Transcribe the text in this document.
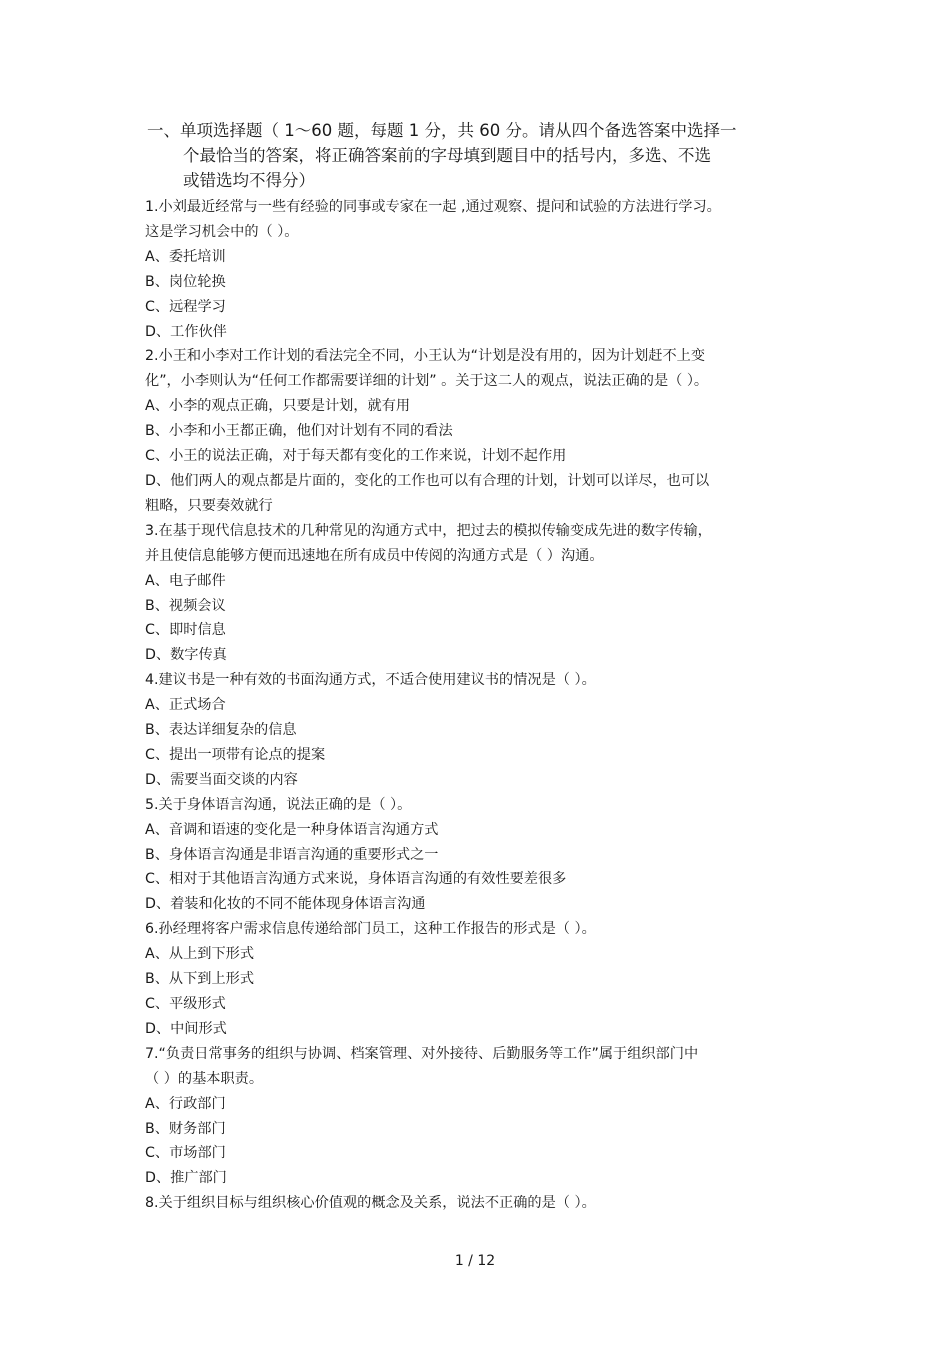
一、单项选择题（ 1～60 题，每题 1 分，共 60 分。请从四个备选答案中选择一
个最恰当的答案，将正确答案前的字母填到题目中的括号内，多选、不选
或错选均不得分）
1.小刘最近经常与一些有经验的同事或专家在一起 ,通过观察、提问和试验的方法进行学习。
这是学习机会中的（ ）。
A、委托培训
B、岗位轮换
C、远程学习
D、工作伙伴
2.小王和小李对工作计划的看法完全不同，小王认为“计划是没有用的，因为计划赶不上变
化”，小李则认为“任何工作都需要详细的计划” 。关于这二人的观点，说法正确的是（ ）。
A、小李的观点正确，只要是计划，就有用
B、小李和小王都正确，他们对计划有不同的看法
C、小王的说法正确，对于每天都有变化的工作来说，计划不起作用
D、他们两人的观点都是片面的，变化的工作也可以有合理的计划，计划可以详尽，也可以
粗略，只要奏效就行
3.在基于现代信息技术的几种常见的沟通方式中，把过去的模拟传输变成先进的数字传输，
并且使信息能够方便而迅速地在所有成员中传阅的沟通方式是（ ）沟通。
A、电子邮件
B、视频会议
C、即时信息
D、数字传真
4.建议书是一种有效的书面沟通方式，不适合使用建议书的情况是（ ）。
A、正式场合
B、表达详细复杂的信息
C、提出一项带有论点的提案
D、需要当面交谈的内容
5.关于身体语言沟通，说法正确的是（ ）。
A、音调和语速的变化是一种身体语言沟通方式
B、身体语言沟通是非语言沟通的重要形式之一
C、相对于其他语言沟通方式来说，身体语言沟通的有效性要差很多
D、着装和化妆的不同不能体现身体语言沟通
6.孙经理将客户需求信息传递给部门员工，这种工作报告的形式是（ ）。
A、从上到下形式
B、从下到上形式
C、平级形式
D、中间形式
7.“负责日常事务的组织与协调、档案管理、对外接待、后勤服务等工作”属于组织部门中
（ ）的基本职责。
A、行政部门
B、财务部门
C、市场部门
D、推广部门
8.关于组织目标与组织核心价值观的概念及关系，说法不正确的是（ ）。
1 / 12
